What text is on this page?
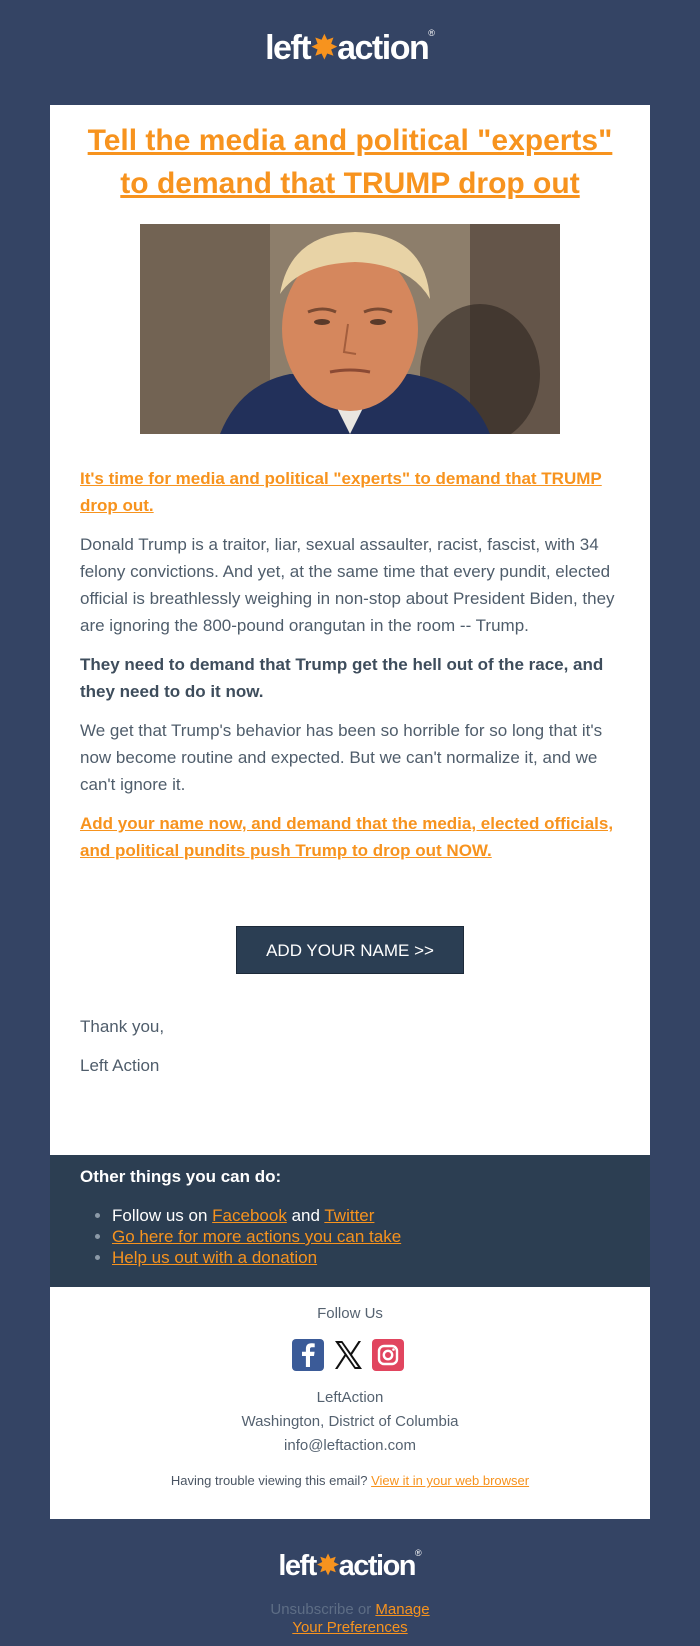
left✸action®
Tell the media and political "experts" to demand that TRUMP drop out

It's time for media and political "experts" to demand that TRUMP drop out.

Donald Trump is a traitor, liar, sexual assaulter, racist, fascist, with 34 felony convictions. And yet, at the same time that every pundit, elected official is breathlessly weighing in non-stop about President Biden, they are ignoring the 800-pound orangutan in the room -- Trump.

They need to demand that Trump get the hell out of the race, and they need to do it now.

We get that Trump's behavior has been so horrible for so long that it's now become routine and expected. But we can't normalize it, and we can't ignore it.

Add your name now, and demand that the media, elected officials, and political pundits push Trump to drop out NOW.

ADD YOUR NAME >>
Thank you,
Left Action
Other things you can do:
• Follow us on Facebook and Twitter
• Go here for more actions you can take
• Help us out with a donation
Follow Us
LeftAction
Washington, District of Columbia
info@leftaction.com
Having trouble viewing this email? View it in your web browser
left✸action®
Unsubscribe or Manage
Your Preferences
